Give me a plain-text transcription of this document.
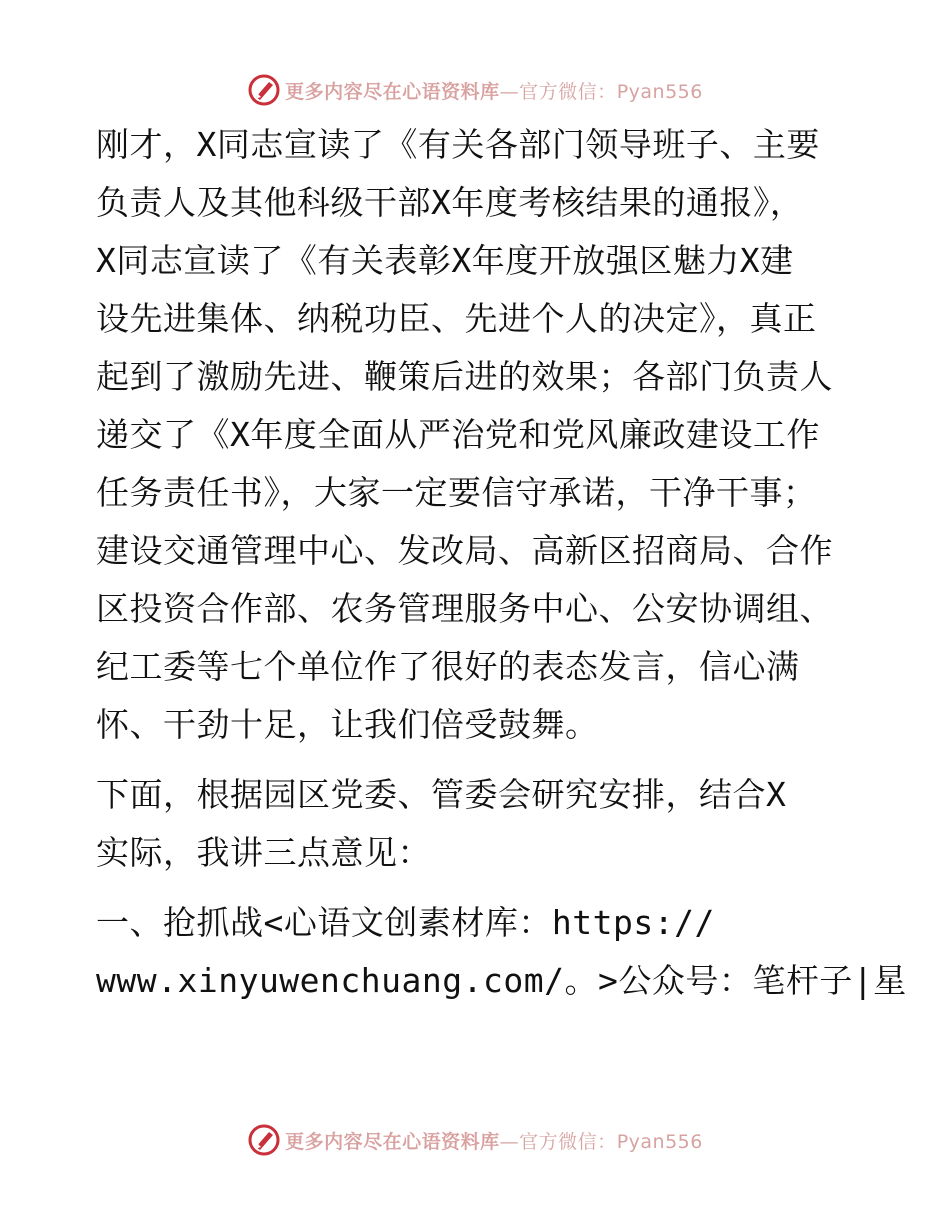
更多内容尽在心语资料库—官方微信：Pyan556
刚才，X同志宣读了《有关各部门领导班子、主要
负责人及其他科级干部X年度考核结果的通报》，
X同志宣读了《有关表彰X年度开放强区魅力X建
设先进集体、纳税功臣、先进个人的决定》，真正
起到了激励先进、鞭策后进的效果；各部门负责人
递交了《X年度全面从严治党和党风廉政建设工作
任务责任书》，大家一定要信守承诺，干净干事；
建设交通管理中心、发改局、高新区招商局、合作
区投资合作部、农务管理服务中心、公安协调组、
纪工委等七个单位作了很好的表态发言，信心满
怀、干劲十足，让我们倍受鼓舞。
下面，根据园区党委、管委会研究安排，结合X
实际，我讲三点意见：
一、抢抓战<心语文创素材库：https://
www.xinyuwenchuang.com/。>公众号：笔杆子|星
更多内容尽在心语资料库—官方微信：Pyan556
